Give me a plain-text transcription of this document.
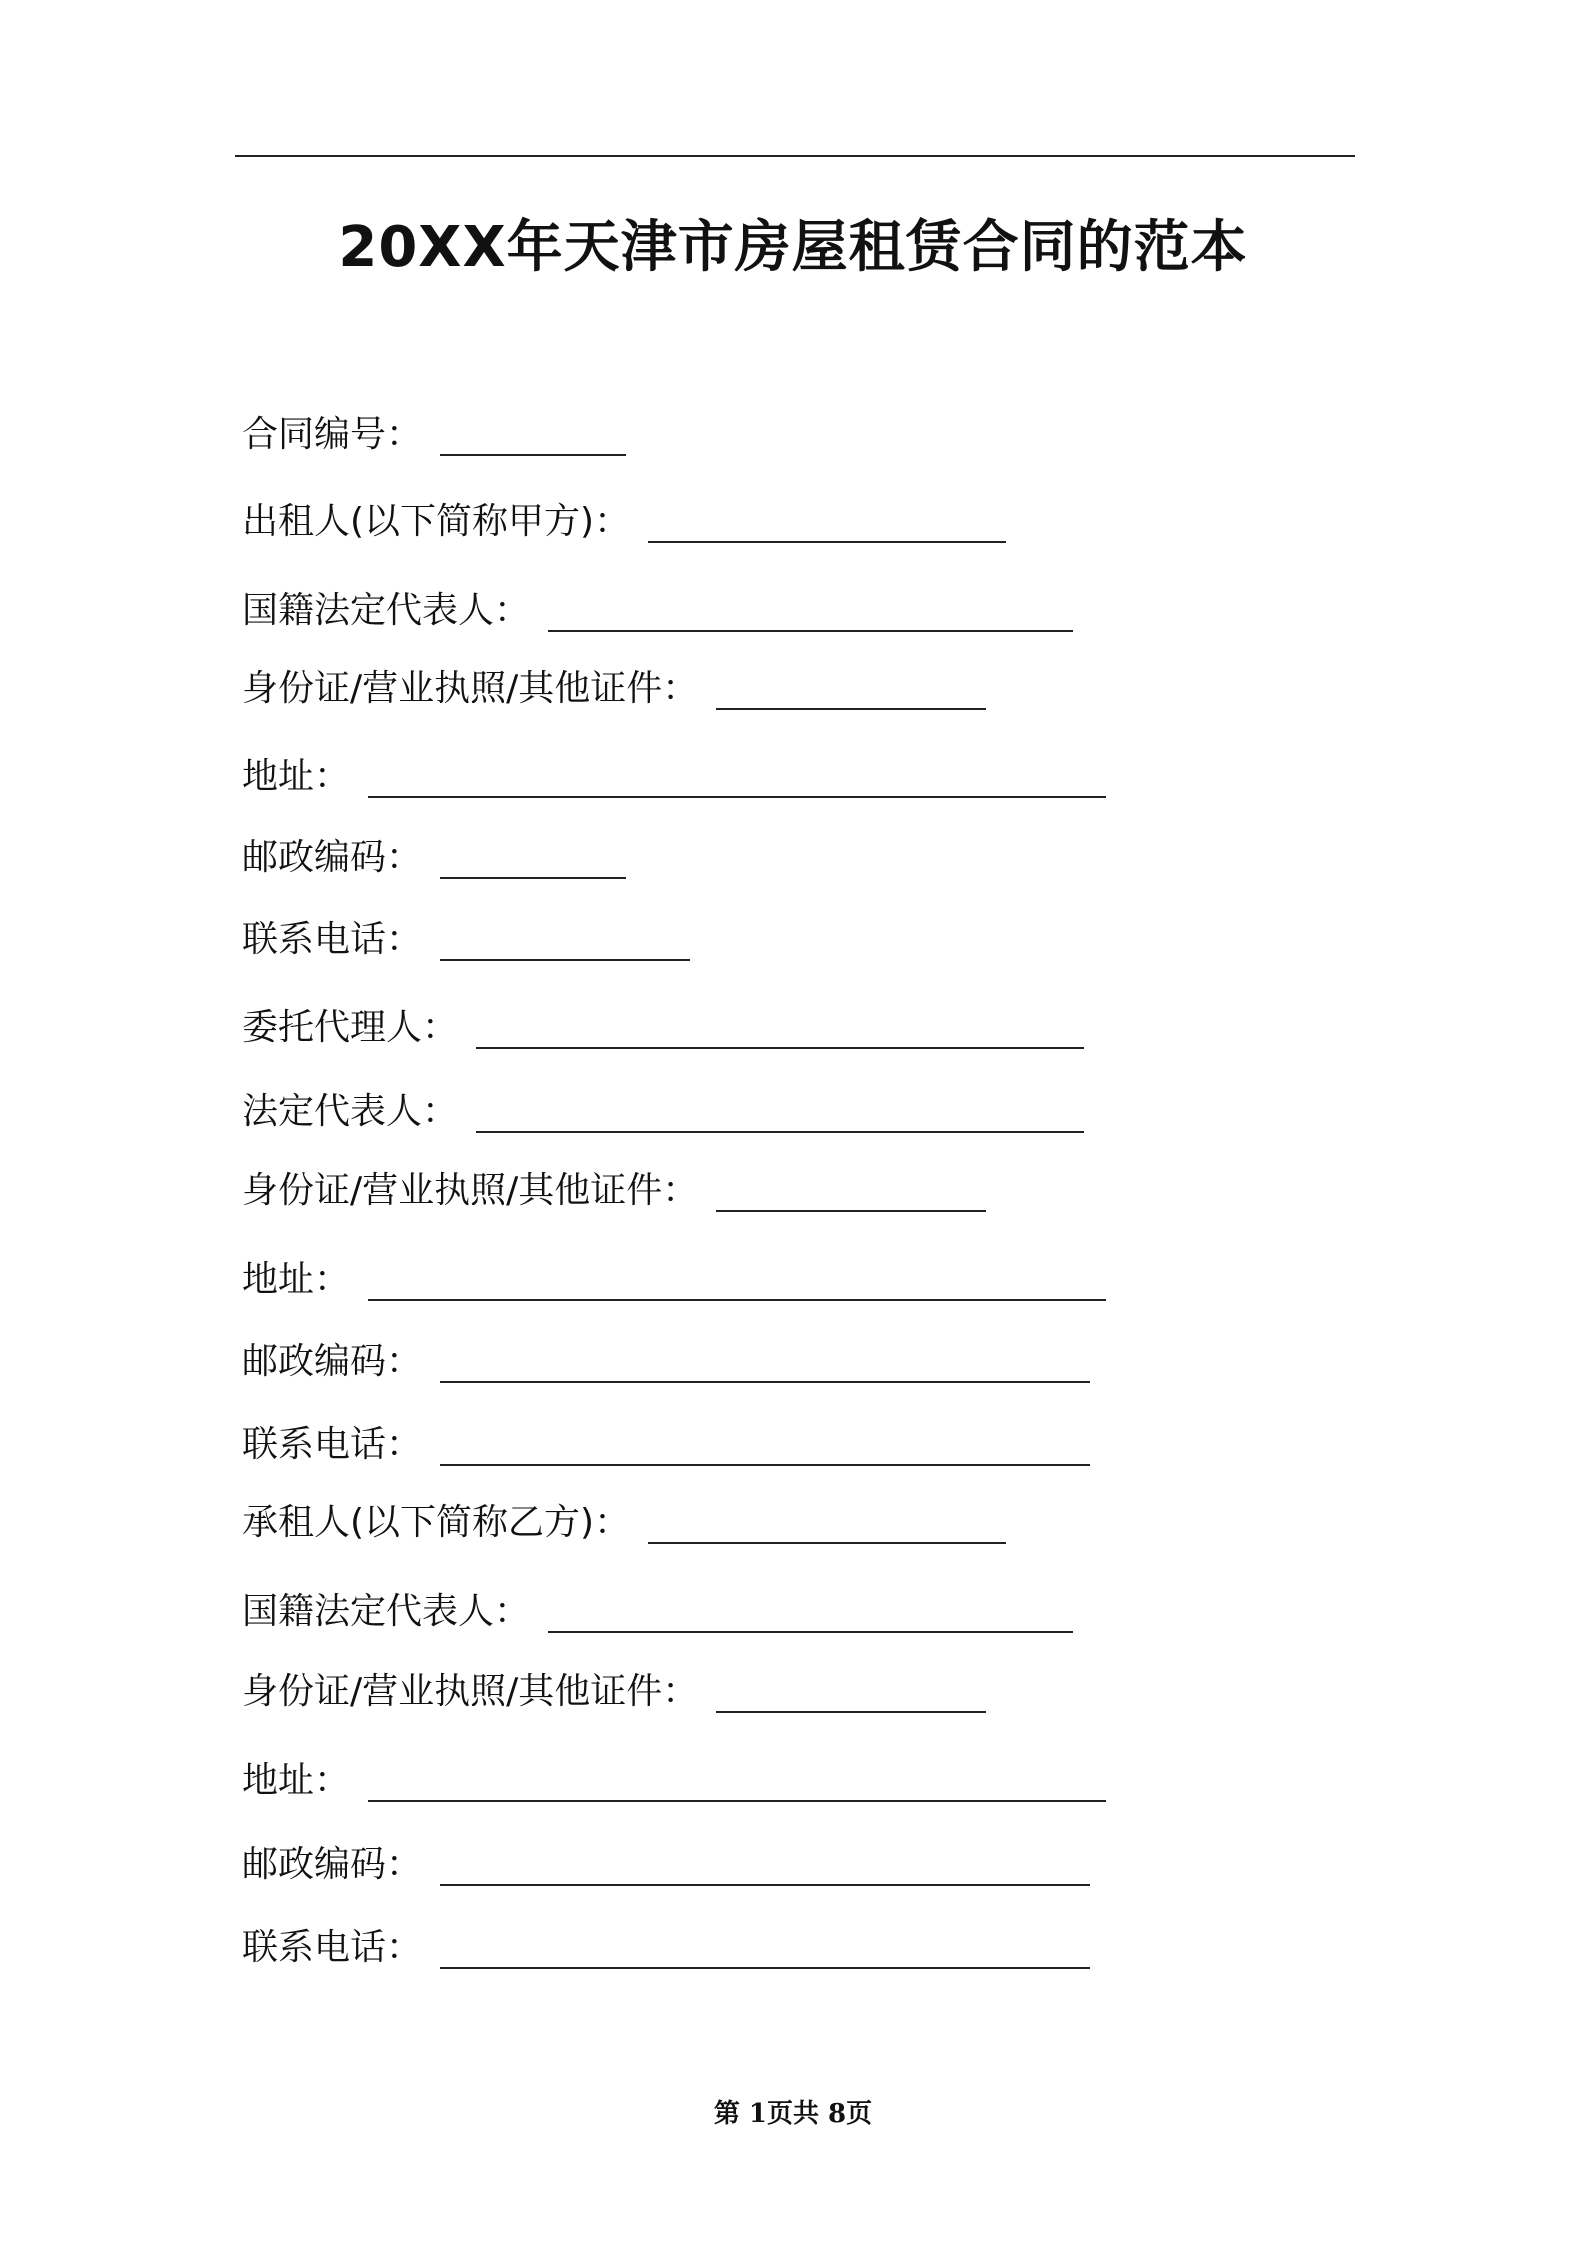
20XX年天津市房屋租赁合同的范本
合同编号：
出租人(以下简称甲方)：
国籍法定代表人：
身份证/营业执照/其他证件：
地址：
邮政编码：
联系电话：
委托代理人：
法定代表人：
身份证/营业执照/其他证件：
地址：
邮政编码：
联系电话：
承租人(以下简称乙方)：
国籍法定代表人：
身份证/营业执照/其他证件：
地址：
邮政编码：
联系电话：
第 1页共 8页
